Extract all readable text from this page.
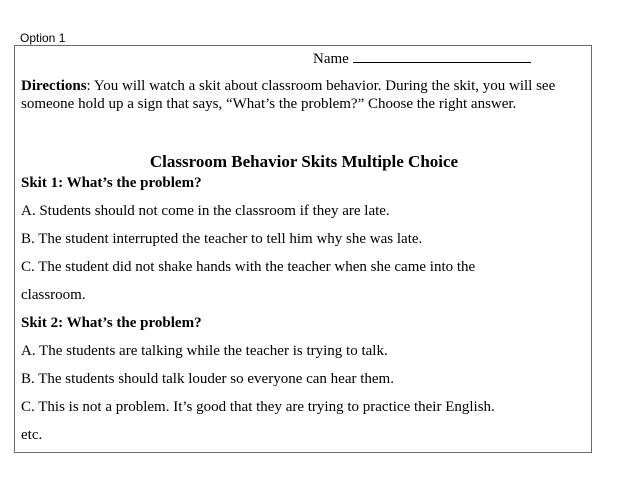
Option 1
Name
Directions: You will watch a skit about classroom behavior. During the skit, you will see someone hold up a sign that says, “What’s the problem?” Choose the right answer.
Classroom Behavior Skits Multiple Choice
Skit 1: What’s the problem?
A. Students should not come in the classroom if they are late.
B. The student interrupted the teacher to tell him why she was late.
C. The student did not shake hands with the teacher when she came into the
classroom.
Skit 2: What’s the problem?
A. The students are talking while the teacher is trying to talk.
B. The students should talk louder so everyone can hear them.
C. This is not a problem. It’s good that they are trying to practice their English.
etc.
